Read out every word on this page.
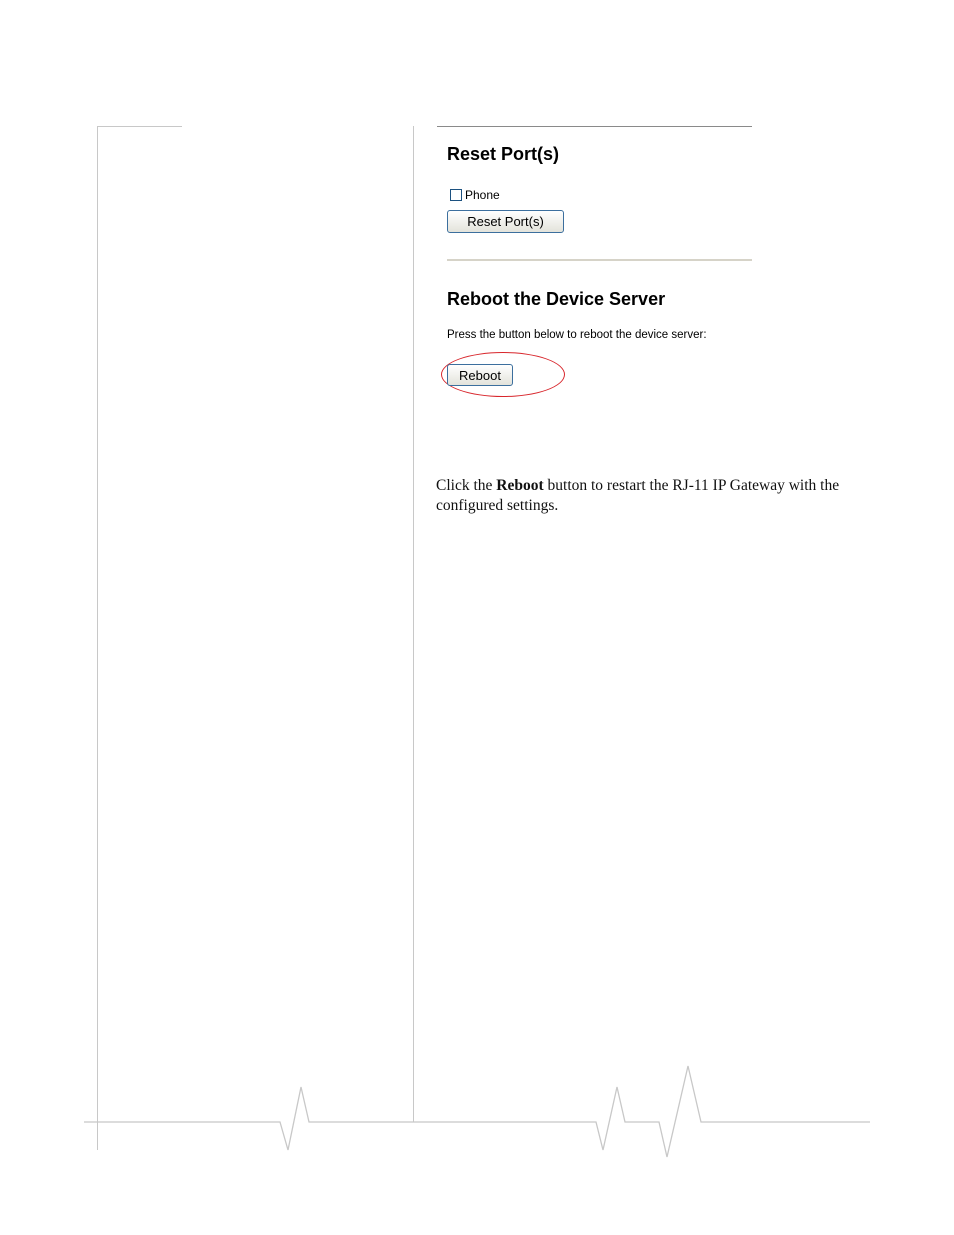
Reset Port(s)
Phone
Reset Port(s)
Reboot the Device Server
Press the button below to reboot the device server:
Reboot

Click the Reboot button to restart the RJ-11 IP Gateway with the configured settings.
